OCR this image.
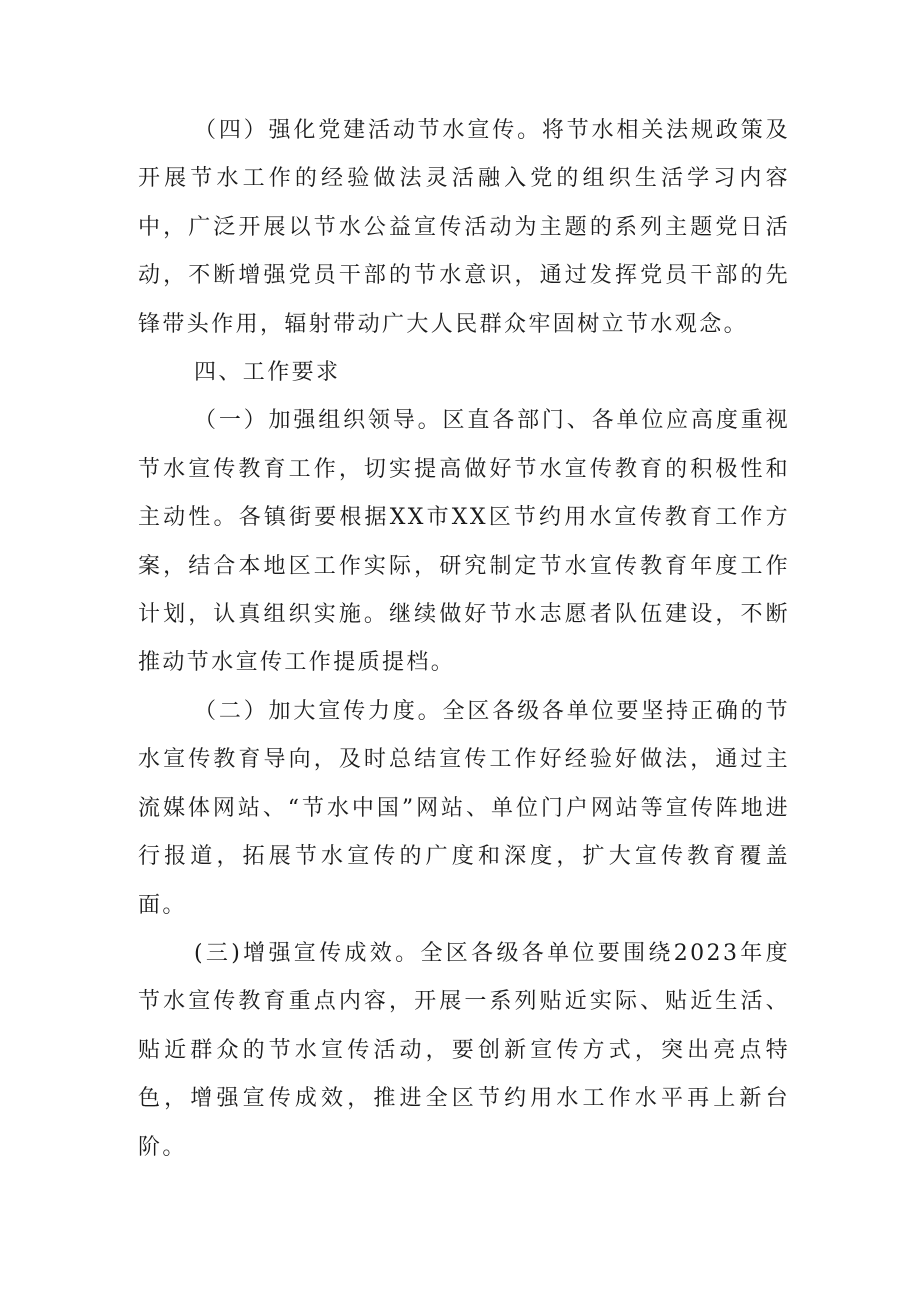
（四）强化党建活动节水宣传。将节水相关法规政策及开展节水工作的经验做法灵活融入党的组织生活学习内容中，广泛开展以节水公益宣传活动为主题的系列主题党日活动，不断增强党员干部的节水意识，通过发挥党员干部的先锋带头作用，辐射带动广大人民群众牢固树立节水观念。

四、工作要求

（一）加强组织领导。区直各部门、各单位应高度重视节水宣传教育工作，切实提高做好节水宣传教育的积极性和主动性。各镇街要根据XX市XX区节约用水宣传教育工作方案，结合本地区工作实际，研究制定节水宣传教育年度工作计划，认真组织实施。继续做好节水志愿者队伍建设，不断推动节水宣传工作提质提档。

（二）加大宣传力度。全区各级各单位要坚持正确的节水宣传教育导向，及时总结宣传工作好经验好做法，通过主流媒体网站、“节水中国”网站、单位门户网站等宣传阵地进行报道，拓展节水宣传的广度和深度，扩大宣传教育覆盖面。

(三)增强宣传成效。全区各级各单位要围绕2023年度节水宣传教育重点内容，开展一系列贴近实际、贴近生活、贴近群众的节水宣传活动，要创新宣传方式，突出亮点特色，增强宣传成效，推进全区节约用水工作水平再上新台阶。
